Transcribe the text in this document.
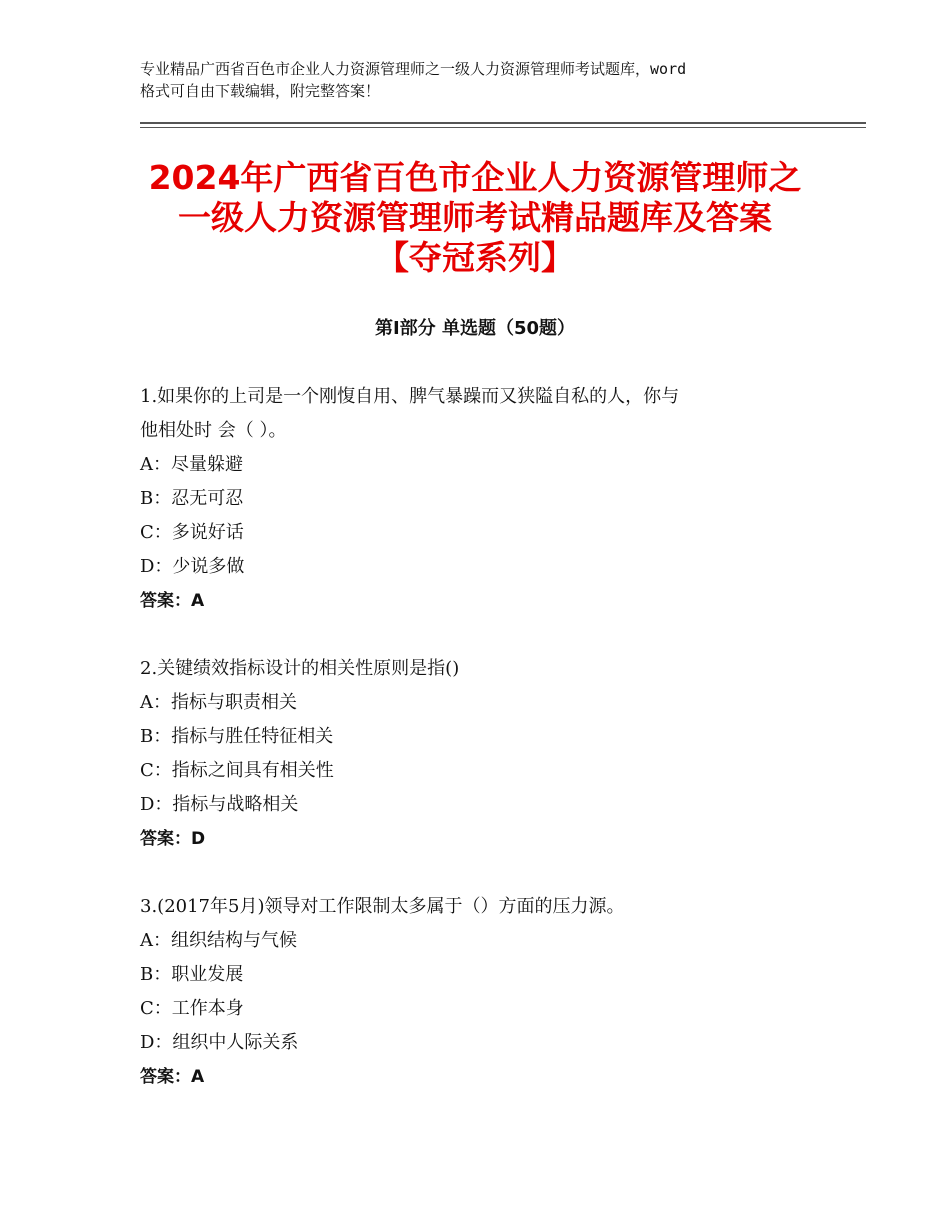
专业精品广西省百色市企业人力资源管理师之一级人力资源管理师考试题库，word
格式可自由下载编辑，附完整答案！
2024年广西省百色市企业人力资源管理师之
一级人力资源管理师考试精品题库及答案
【夺冠系列】
第Ⅰ部分 单选题（50题）
1.如果你的上司是一个刚愎自用、脾气暴躁而又狭隘自私的人，你与
他相处时 会（ ）。
A：尽量躲避
B：忍无可忍
C：多说好话
D：少说多做
答案：A
2.关键绩效指标设计的相关性原则是指()
A：指标与职责相关
B：指标与胜任特征相关
C：指标之间具有相关性
D：指标与战略相关
答案：D
3.(2017年5月)领导对工作限制太多属于（）方面的压力源。
A：组织结构与气候
B：职业发展
C：工作本身
D：组织中人际关系
答案：A
